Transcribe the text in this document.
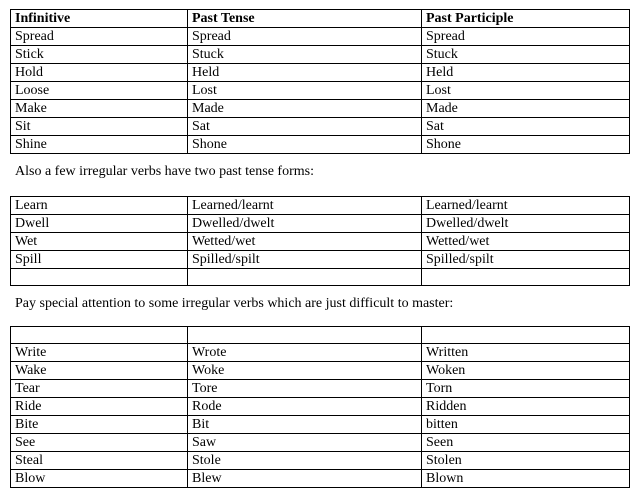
Infinitive	Past Tense	Past Participle
Spread	Spread	Spread
Stick	Stuck	Stuck
Hold	Held	Held
Loose	Lost	Lost
Make	Made	Made
Sit	Sat	Sat
Shine	Shone	Shone
Also a few irregular verbs have two past tense forms:
Learn	Learned/learnt	Learned/learnt
Dwell	Dwelled/dwelt	Dwelled/dwelt
Wet	Wetted/wet	Wetted/wet
Spill	Spilled/spilt	Spilled/spilt

Pay special attention to some irregular verbs which are just difficult to master:

Write	Wrote	Written
Wake	Woke	Woken
Tear	Tore	Torn
Ride	Rode	Ridden
Bite	Bit	bitten
See	Saw	Seen
Steal	Stole	Stolen
Blow	Blew	Blown
